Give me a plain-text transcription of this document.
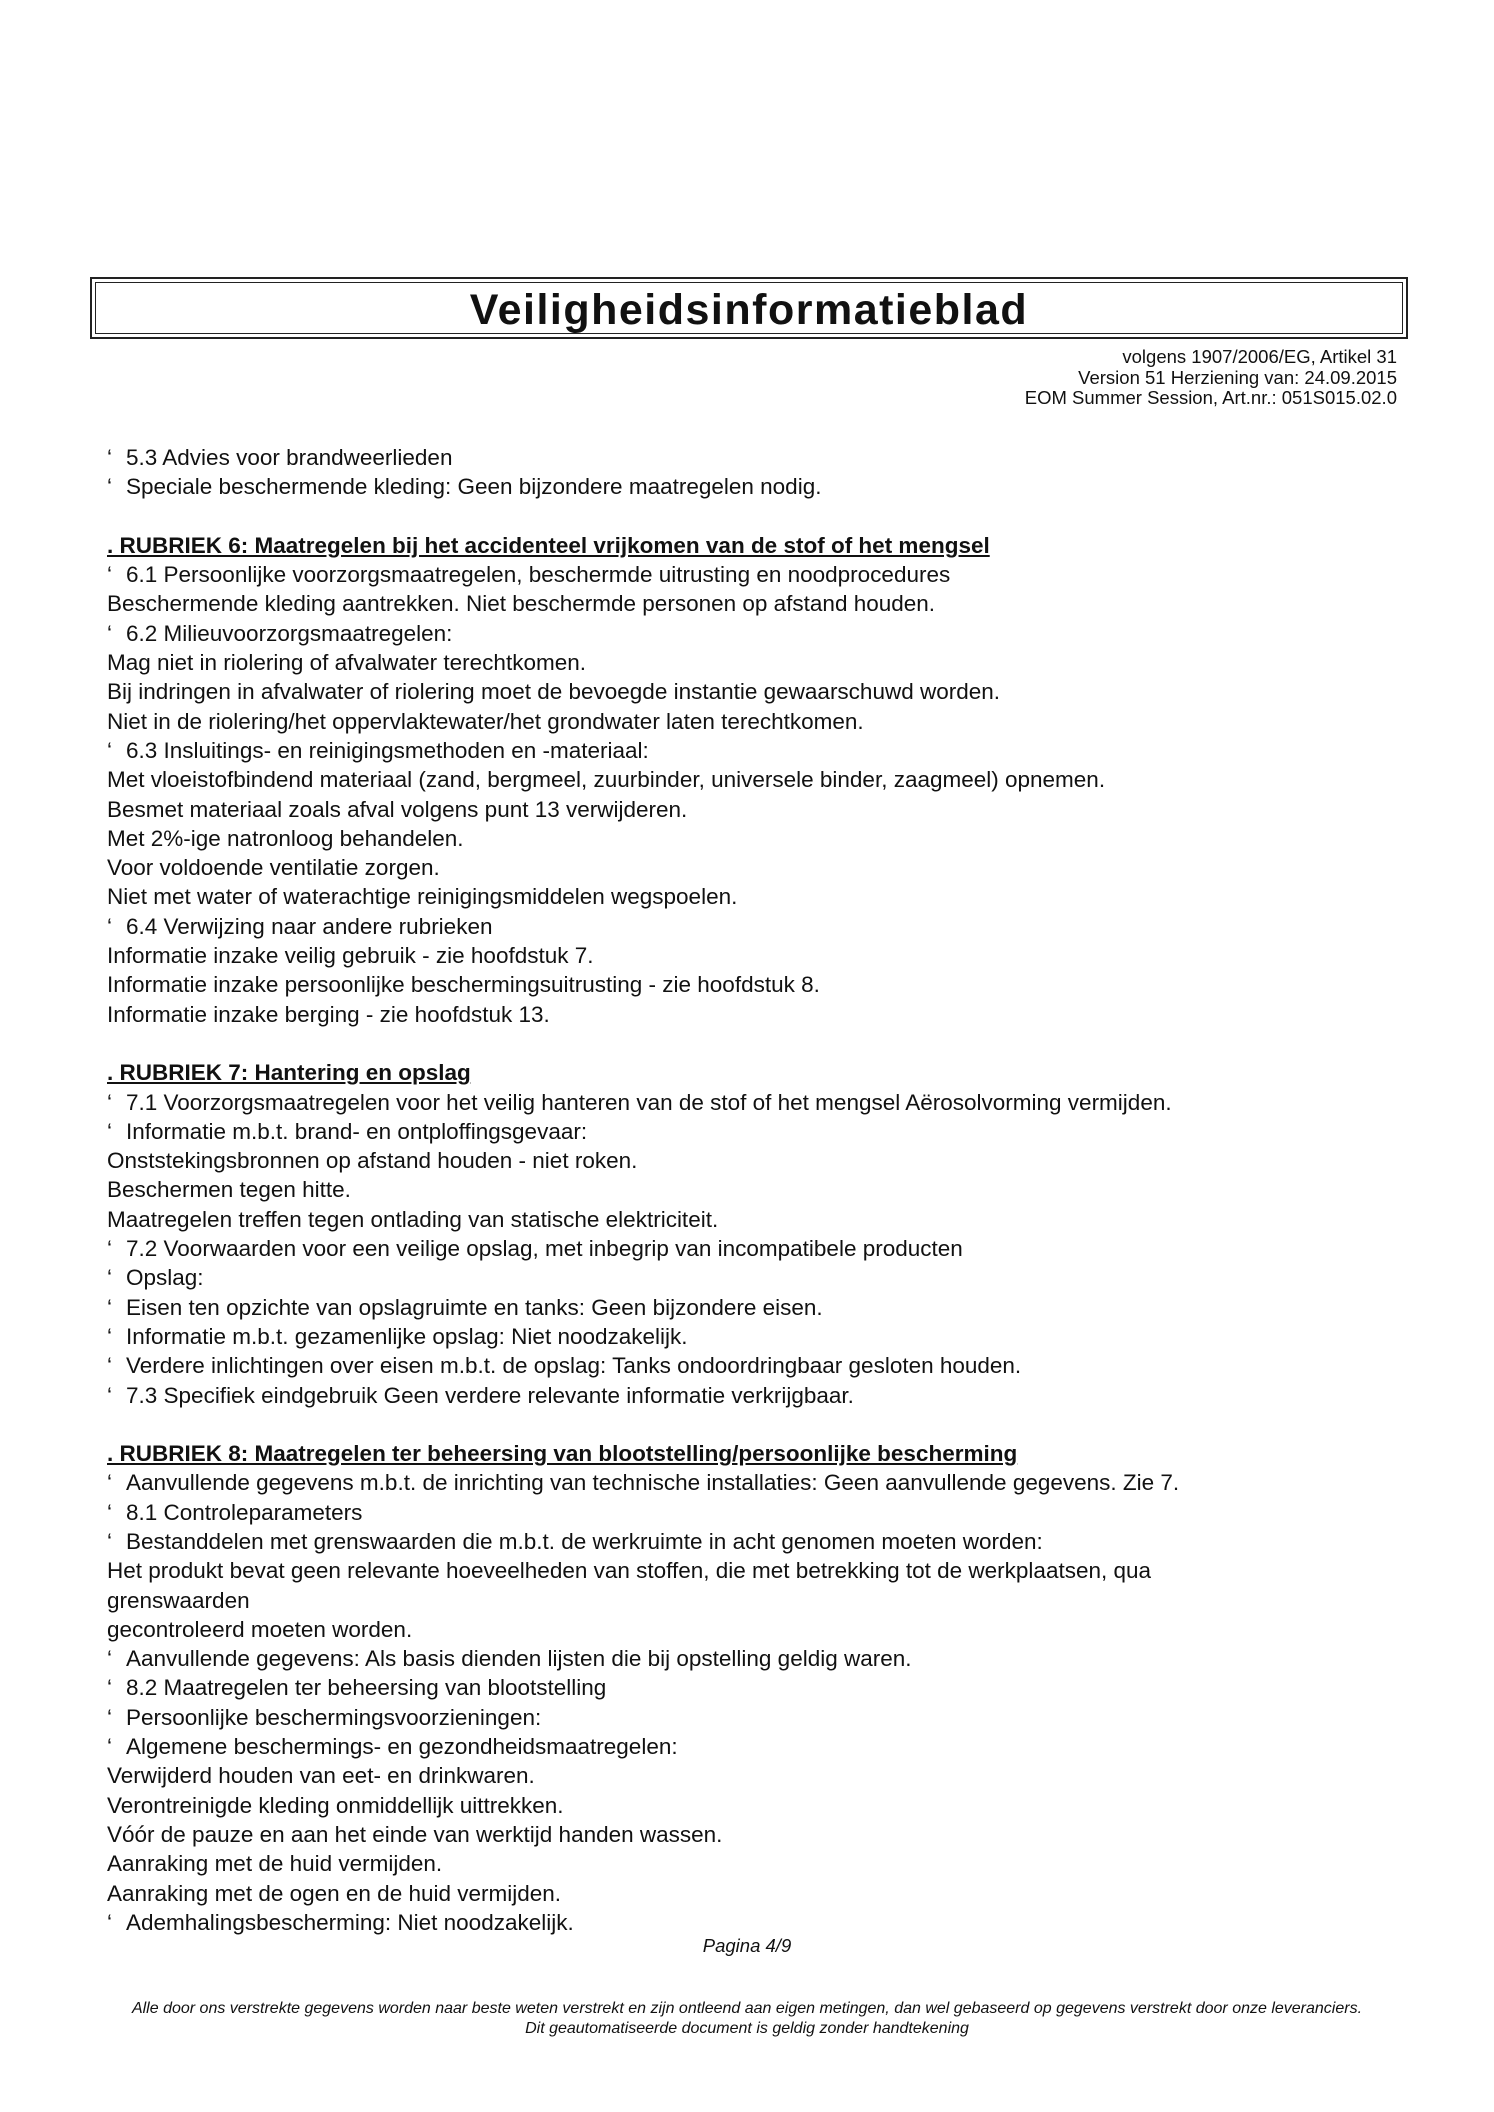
Veiligheidsinformatieblad
volgens 1907/2006/EG, Artikel 31
Version 51 Herziening van: 24.09.2015
EOM Summer Session, Art.nr.: 051S015.02.0
‘ 5.3 Advies voor brandweerlieden
‘ Speciale beschermende kleding: Geen bijzondere maatregelen nodig.
. RUBRIEK 6: Maatregelen bij het accidenteel vrijkomen van de stof of het mengsel
‘ 6.1 Persoonlijke voorzorgsmaatregelen, beschermde uitrusting en noodprocedures
Beschermende kleding aantrekken. Niet beschermde personen op afstand houden.
‘ 6.2 Milieuvoorzorgsmaatregelen:
Mag niet in riolering of afvalwater terechtkomen.
Bij indringen in afvalwater of riolering moet de bevoegde instantie gewaarschuwd worden.
Niet in de riolering/het oppervlaktewater/het grondwater laten terechtkomen.
‘ 6.3 Insluitings- en reinigingsmethoden en -materiaal:
Met vloeistofbindend materiaal (zand, bergmeel, zuurbinder, universele binder, zaagmeel) opnemen.
Besmet materiaal zoals afval volgens punt 13 verwijderen.
Met 2%-ige natronloog behandelen.
Voor voldoende ventilatie zorgen.
Niet met water of waterachtige reinigingsmiddelen wegspoelen.
‘ 6.4 Verwijzing naar andere rubrieken
Informatie inzake veilig gebruik - zie hoofdstuk 7.
Informatie inzake persoonlijke beschermingsuitrusting - zie hoofdstuk 8.
Informatie inzake berging - zie hoofdstuk 13.
. RUBRIEK 7: Hantering en opslag
‘ 7.1 Voorzorgsmaatregelen voor het veilig hanteren van de stof of het mengsel Aërosolvorming vermijden.
‘ Informatie m.b.t. brand- en ontploffingsgevaar:
Onststekingsbronnen op afstand houden - niet roken.
Beschermen tegen hitte.
Maatregelen treffen tegen ontlading van statische elektriciteit.
‘ 7.2 Voorwaarden voor een veilige opslag, met inbegrip van incompatibele producten
‘ Opslag:
‘ Eisen ten opzichte van opslagruimte en tanks: Geen bijzondere eisen.
‘ Informatie m.b.t. gezamenlijke opslag: Niet noodzakelijk.
‘ Verdere inlichtingen over eisen m.b.t. de opslag: Tanks ondoordringbaar gesloten houden.
‘ 7.3 Specifiek eindgebruik Geen verdere relevante informatie verkrijgbaar.
. RUBRIEK 8: Maatregelen ter beheersing van blootstelling/persoonlijke bescherming
‘ Aanvullende gegevens m.b.t. de inrichting van technische installaties: Geen aanvullende gegevens. Zie 7.
‘ 8.1 Controleparameters
‘ Bestanddelen met grenswaarden die m.b.t. de werkruimte in acht genomen moeten worden:
Het produkt bevat geen relevante hoeveelheden van stoffen, die met betrekking tot de werkplaatsen, qua
grenswaarden
gecontroleerd moeten worden.
‘ Aanvullende gegevens: Als basis dienden lijsten die bij opstelling geldig waren.
‘ 8.2 Maatregelen ter beheersing van blootstelling
‘ Persoonlijke beschermingsvoorzieningen:
‘ Algemene beschermings- en gezondheidsmaatregelen:
Verwijderd houden van eet- en drinkwaren.
Verontreinigde kleding onmiddellijk uittrekken.
Vóór de pauze en aan het einde van werktijd handen wassen.
Aanraking met de huid vermijden.
Aanraking met de ogen en de huid vermijden.
‘ Ademhalingsbescherming: Niet noodzakelijk.
Pagina 4/9
Alle door ons verstrekte gegevens worden naar beste weten verstrekt en zijn ontleend aan eigen metingen, dan wel gebaseerd op gegevens verstrekt door onze leveranciers.
Dit geautomatiseerde document is geldig zonder handtekening
